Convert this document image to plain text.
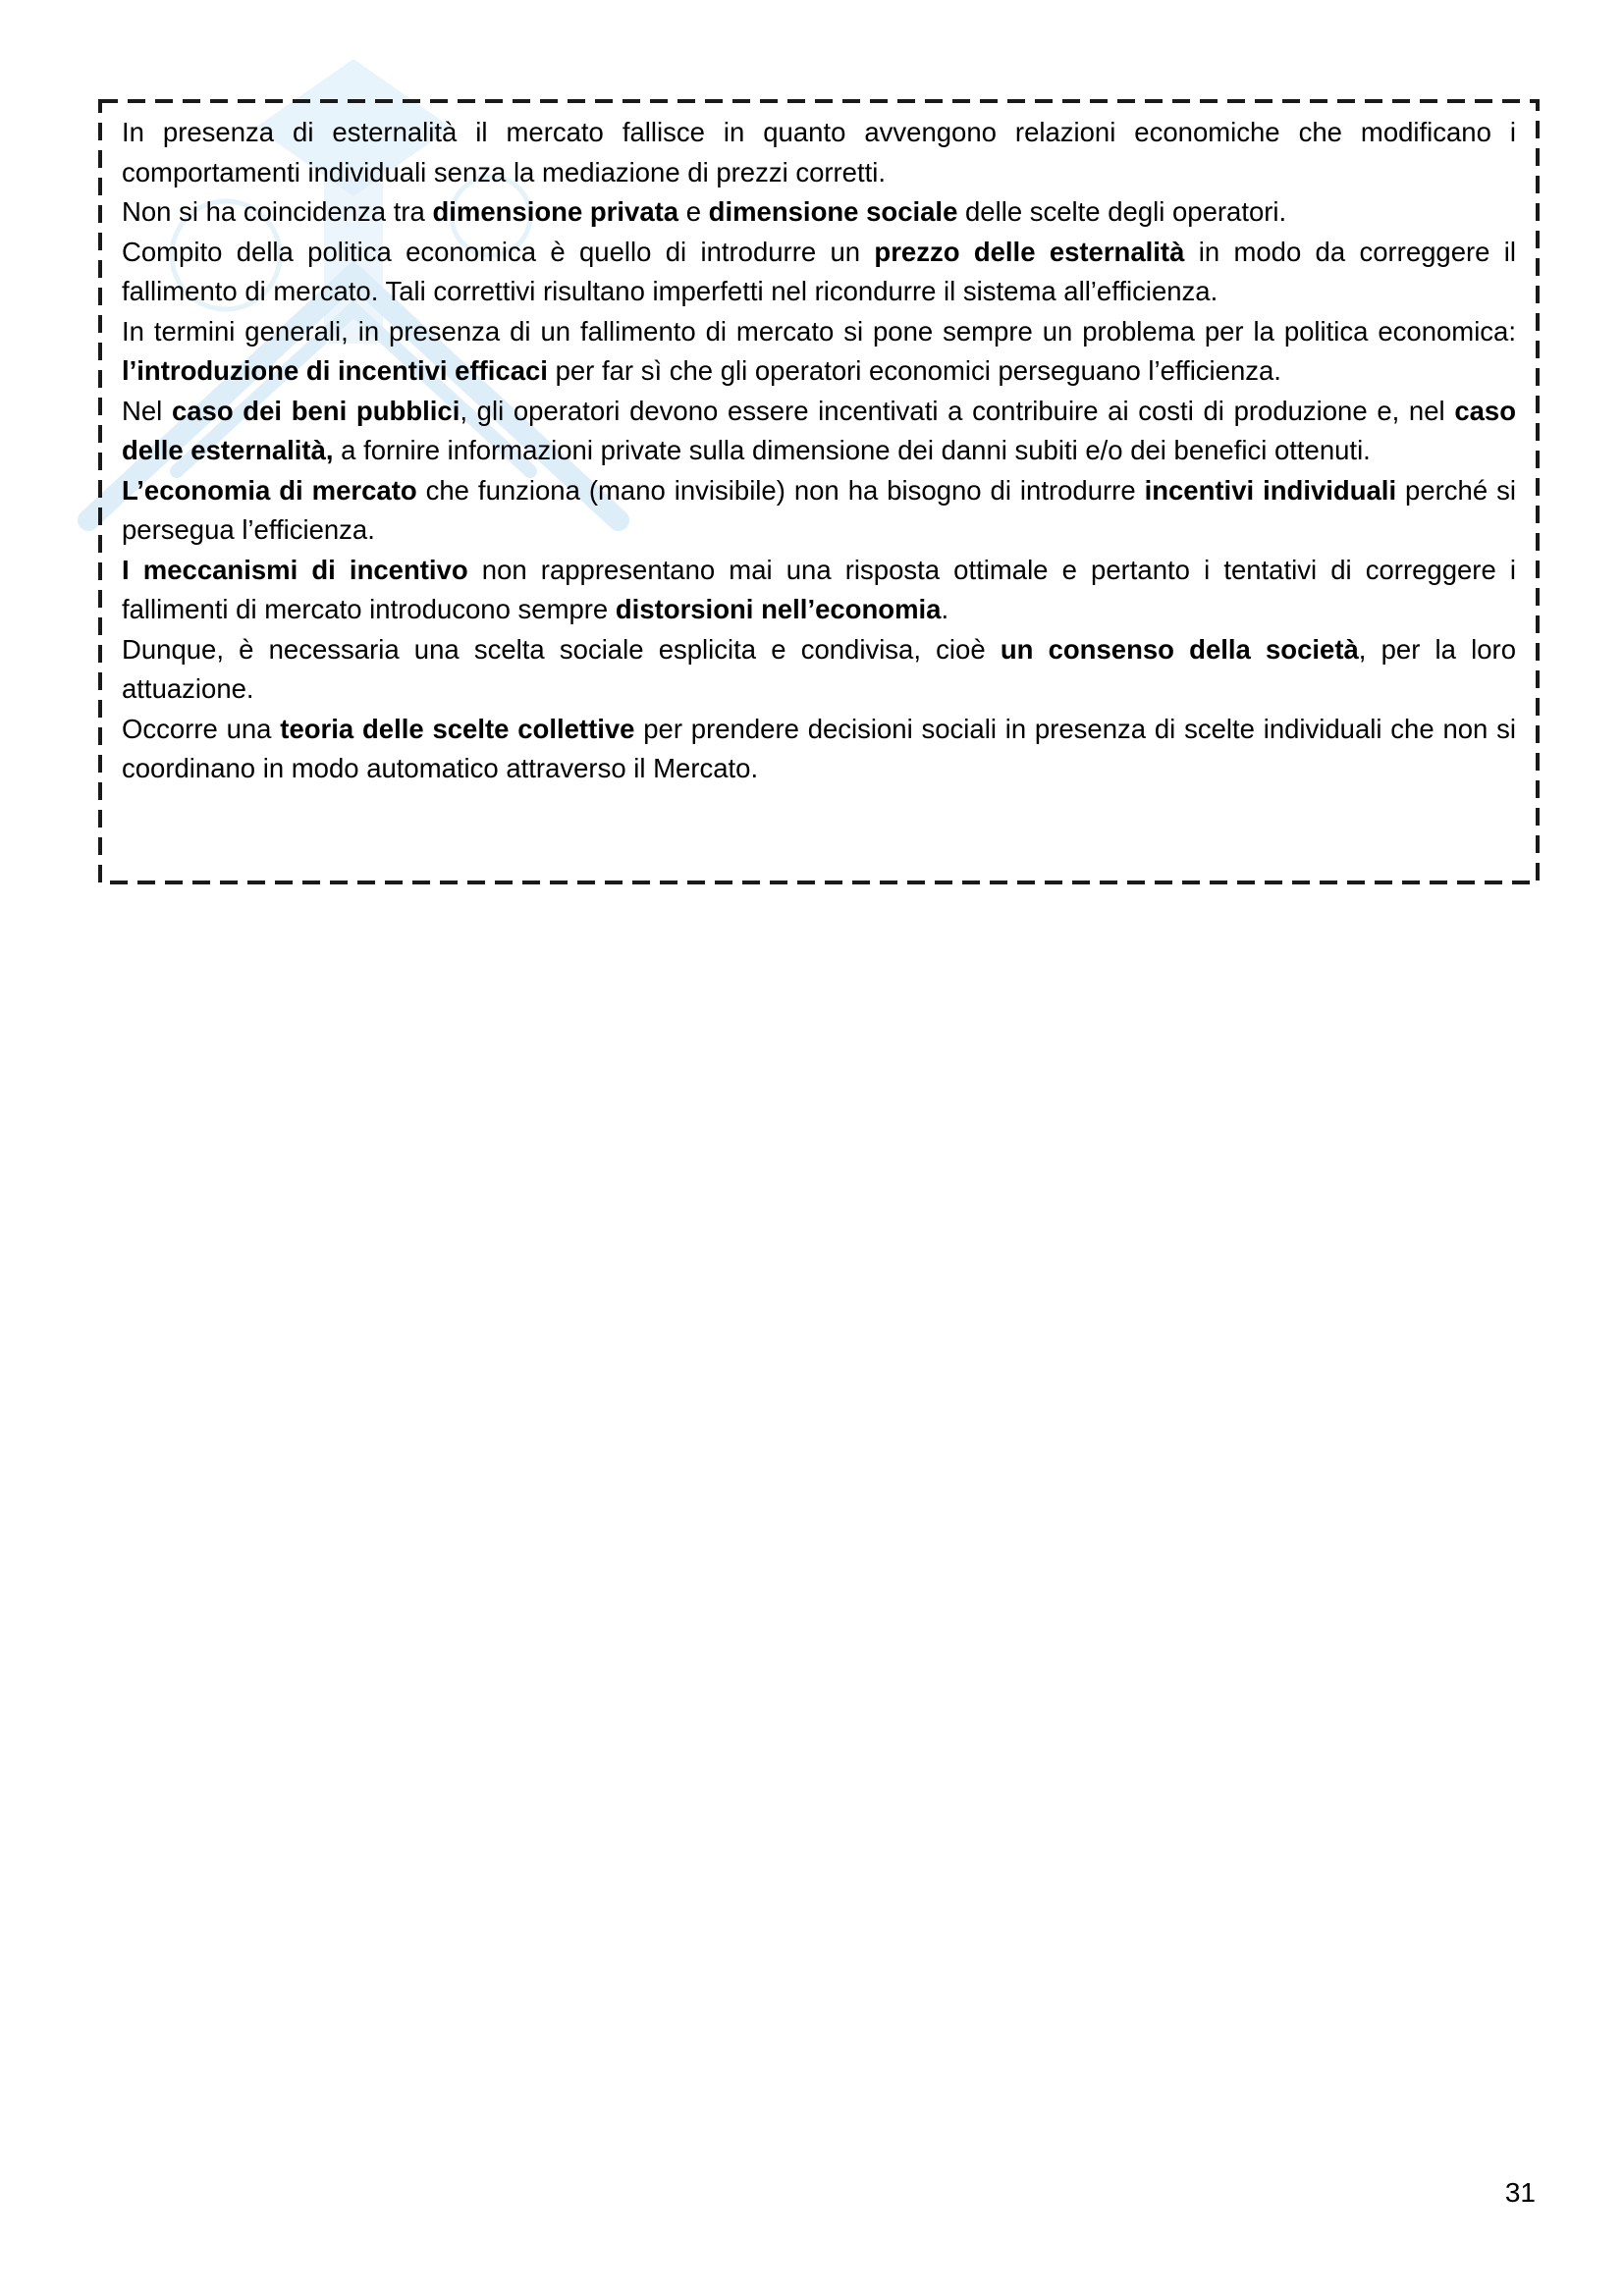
In presenza di esternalità il mercato fallisce in quanto avvengono relazioni economiche che modificano i comportamenti individuali senza la mediazione di prezzi corretti.

Non si ha coincidenza tra dimensione privata e dimensione sociale delle scelte degli operatori.

Compito della politica economica è quello di introdurre un prezzo delle esternalità in modo da correggere il fallimento di mercato. Tali correttivi risultano imperfetti nel ricondurre il sistema all’efficienza.

In termini generali, in presenza di un fallimento di mercato si pone sempre un problema per la politica economica: l’introduzione di incentivi efficaci per far sì che gli operatori economici perseguano l’efficienza.

Nel caso dei beni pubblici, gli operatori devono essere incentivati a contribuire ai costi di produzione e, nel caso delle esternalità, a fornire informazioni private sulla dimensione dei danni subiti e/o dei benefici ottenuti.

L’economia di mercato che funziona (mano invisibile) non ha bisogno di introdurre incentivi individuali perché si persegua l’efficienza.

I meccanismi di incentivo non rappresentano mai una risposta ottimale e pertanto i tentativi di correggere i fallimenti di mercato introducono sempre distorsioni nell’economia.

Dunque, è necessaria una scelta sociale esplicita e condivisa, cioè un consenso della società, per la loro attuazione.

Occorre una teoria delle scelte collettive per prendere decisioni sociali in presenza di scelte individuali che non si coordinano in modo automatico attraverso il Mercato.

31
